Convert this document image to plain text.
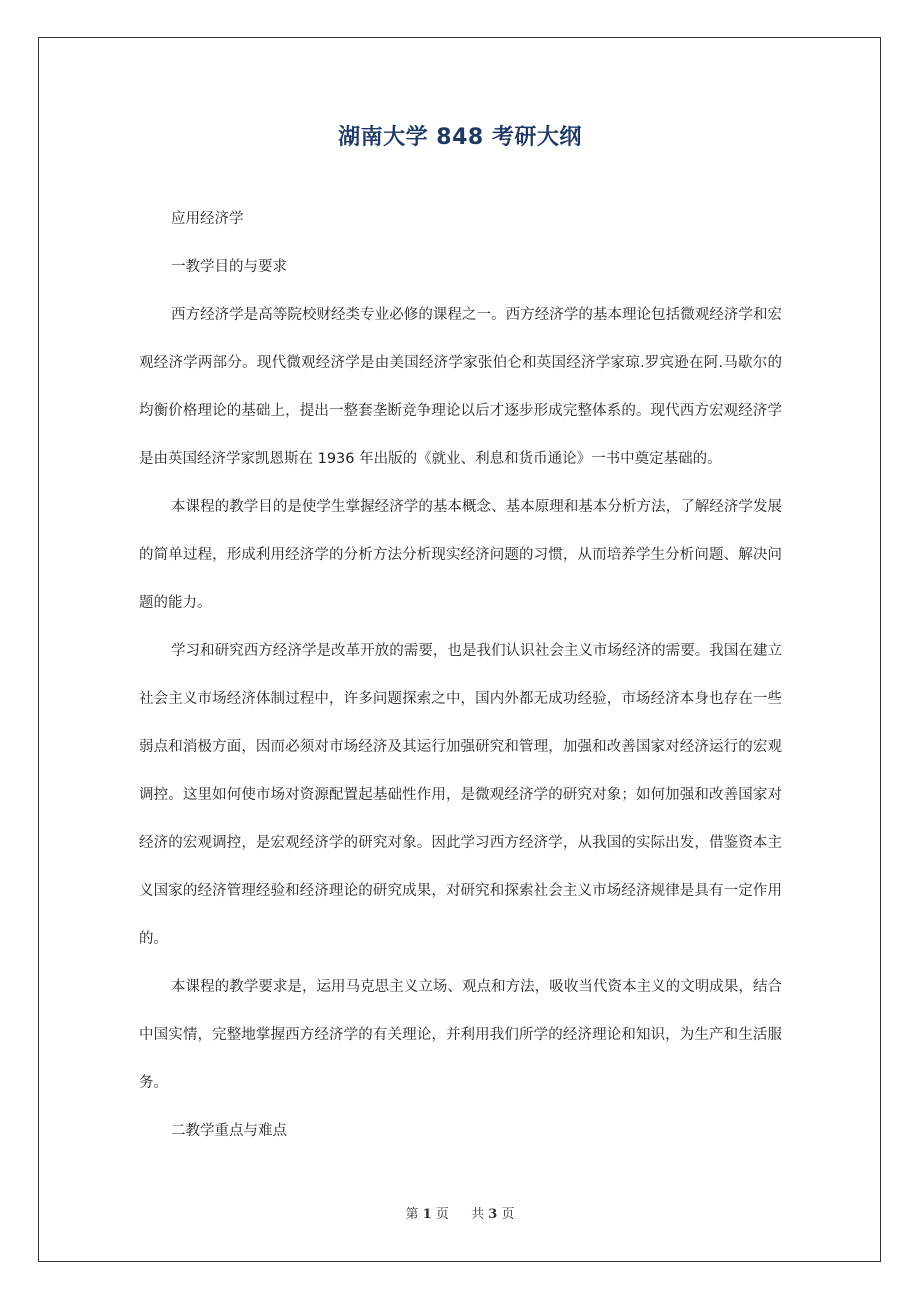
湖南大学 848 考研大纲

应用经济学

一教学目的与要求

西方经济学是高等院校财经类专业必修的课程之一。西方经济学的基本理论包括微观经济学和宏观经济学两部分。现代微观经济学是由美国经济学家张伯仑和英国经济学家琼.罗宾逊在阿.马歇尔的均衡价格理论的基础上，提出一整套垄断竞争理论以后才逐步形成完整体系的。现代西方宏观经济学是由英国经济学家凯恩斯在 1936 年出版的《就业、利息和货币通论》一书中奠定基础的。

本课程的教学目的是使学生掌握经济学的基本概念、基本原理和基本分析方法，了解经济学发展的简单过程，形成利用经济学的分析方法分析现实经济问题的习惯，从而培养学生分析问题、解决问题的能力。

学习和研究西方经济学是改革开放的需要，也是我们认识社会主义市场经济的需要。我国在建立社会主义市场经济体制过程中，许多问题探索之中，国内外都无成功经验，市场经济本身也存在一些弱点和消极方面，因而必须对市场经济及其运行加强研究和管理，加强和改善国家对经济运行的宏观调控。这里如何使市场对资源配置起基础性作用，是微观经济学的研究对象；如何加强和改善国家对经济的宏观调控，是宏观经济学的研究对象。因此学习西方经济学，从我国的实际出发，借鉴资本主义国家的经济管理经验和经济理论的研究成果，对研究和探索社会主义市场经济规律是具有一定作用的。

本课程的教学要求是，运用马克思主义立场、观点和方法，吸收当代资本主义的文明成果，结合中国实情，完整地掌握西方经济学的有关理论，并利用我们所学的经济理论和知识，为生产和生活服务。

二教学重点与难点

第 1 页 共 3 页
